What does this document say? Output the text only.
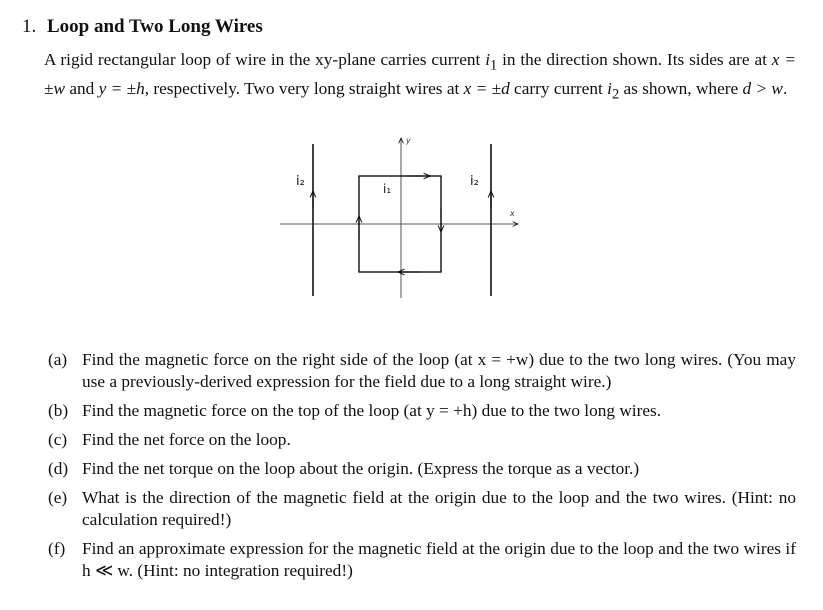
1. Loop and Two Long Wires
A rigid rectangular loop of wire in the xy-plane carries current $i_1$ in the direction shown. Its sides are at x = ±w and y = ±h, respectively. Two very long straight wires at x = ±d carry current $i_2$ as shown, where d > w.
y
x
i₂	i₂
i₁
(a) Find the magnetic force on the right side of the loop (at x = +w) due to the two long wires. (You may use a previously-derived expression for the field due to a long straight wire.)
(b) Find the magnetic force on the top of the loop (at y = +h) due to the two long wires.
(c) Find the net force on the loop.
(d) Find the net torque on the loop about the origin. (Express the torque as a vector.)
(e) What is the direction of the magnetic field at the origin due to the loop and the two wires. (Hint: no calculation required!)
(f) Find an approximate expression for the magnetic field at the origin due to the loop and the two wires if h ≪ w. (Hint: no integration required!)
